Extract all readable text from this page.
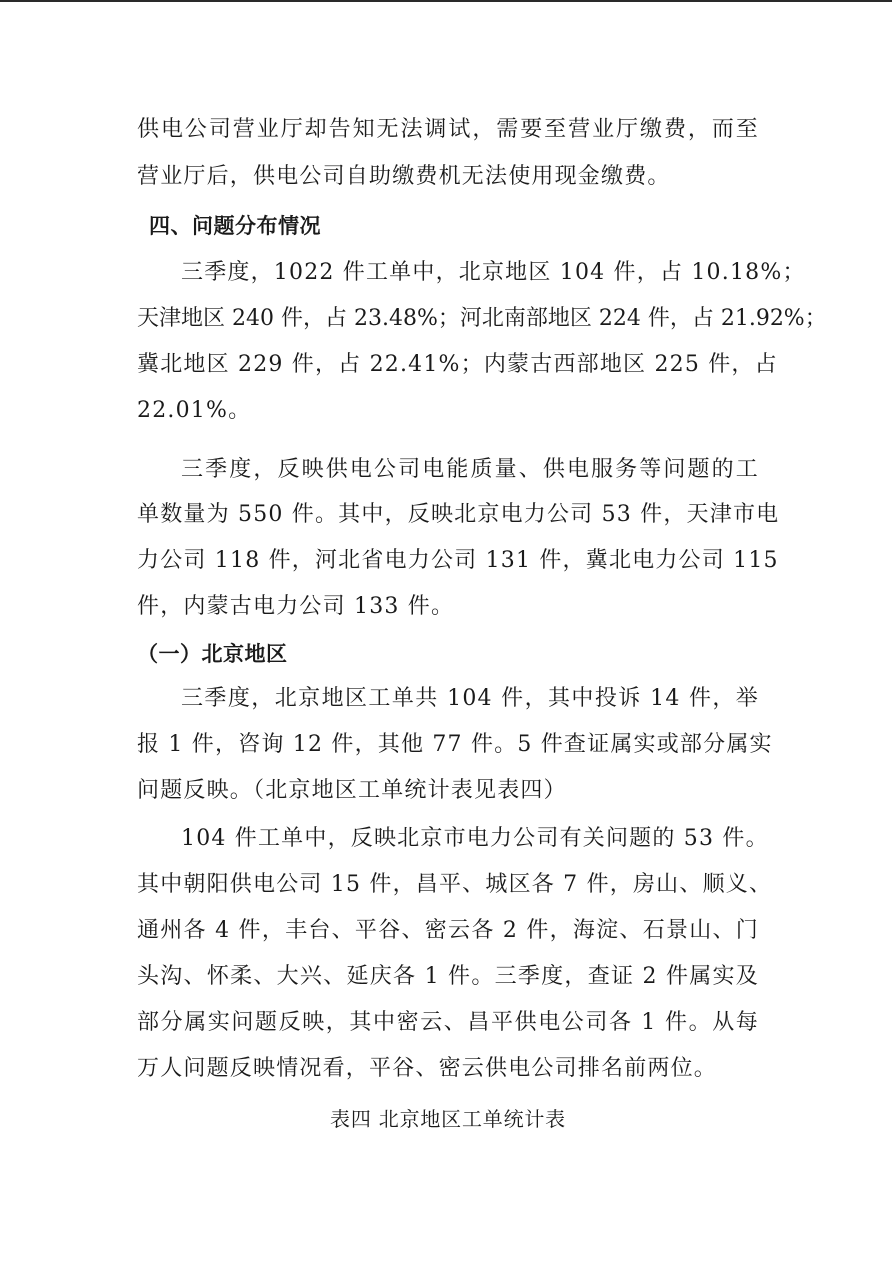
供电公司营业厅却告知无法调试，需要至营业厅缴费，而至
营业厅后，供电公司自助缴费机无法使用现金缴费。
四、问题分布情况
三季度，1022 件工单中，北京地区 104 件，占 10.18%；
天津地区 240 件，占 23.48%；河北南部地区 224 件，占 21.92%；
冀北地区 229 件，占 22.41%；内蒙古西部地区 225 件，占
22.01%。
三季度，反映供电公司电能质量、供电服务等问题的工
单数量为 550 件。其中，反映北京电力公司 53 件，天津市电
力公司 118 件，河北省电力公司 131 件，冀北电力公司 115
件，内蒙古电力公司 133 件。
（一）北京地区
三季度，北京地区工单共 104 件，其中投诉 14 件，举
报 1 件，咨询 12 件，其他 77 件。5 件查证属实或部分属实
问题反映。（北京地区工单统计表见表四）
104 件工单中，反映北京市电力公司有关问题的 53 件。
其中朝阳供电公司 15 件，昌平、城区各 7 件，房山、顺义、
通州各 4 件，丰台、平谷、密云各 2 件，海淀、石景山、门
头沟、怀柔、大兴、延庆各 1 件。三季度，查证 2 件属实及
部分属实问题反映，其中密云、昌平供电公司各 1 件。从每
万人问题反映情况看，平谷、密云供电公司排名前两位。
表四 北京地区工单统计表
